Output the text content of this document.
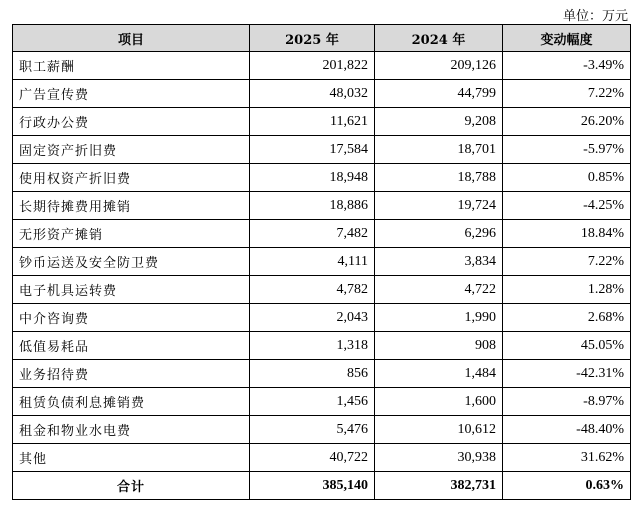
单位：万元
项目	2025 年	2024 年	变动幅度
职工薪酬	201,822	209,126	-3.49%
广告宣传费	48,032	44,799	7.22%
行政办公费	11,621	9,208	26.20%
固定资产折旧费	17,584	18,701	-5.97%
使用权资产折旧费	18,948	18,788	0.85%
长期待摊费用摊销	18,886	19,724	-4.25%
无形资产摊销	7,482	6,296	18.84%
钞币运送及安全防卫费	4,111	3,834	7.22%
电子机具运转费	4,782	4,722	1.28%
中介咨询费	2,043	1,990	2.68%
低值易耗品	1,318	908	45.05%
业务招待费	856	1,484	-42.31%
租赁负债利息摊销费	1,456	1,600	-8.97%
租金和物业水电费	5,476	10,612	-48.40%
其他	40,722	30,938	31.62%
合计	385,140	382,731	0.63%
